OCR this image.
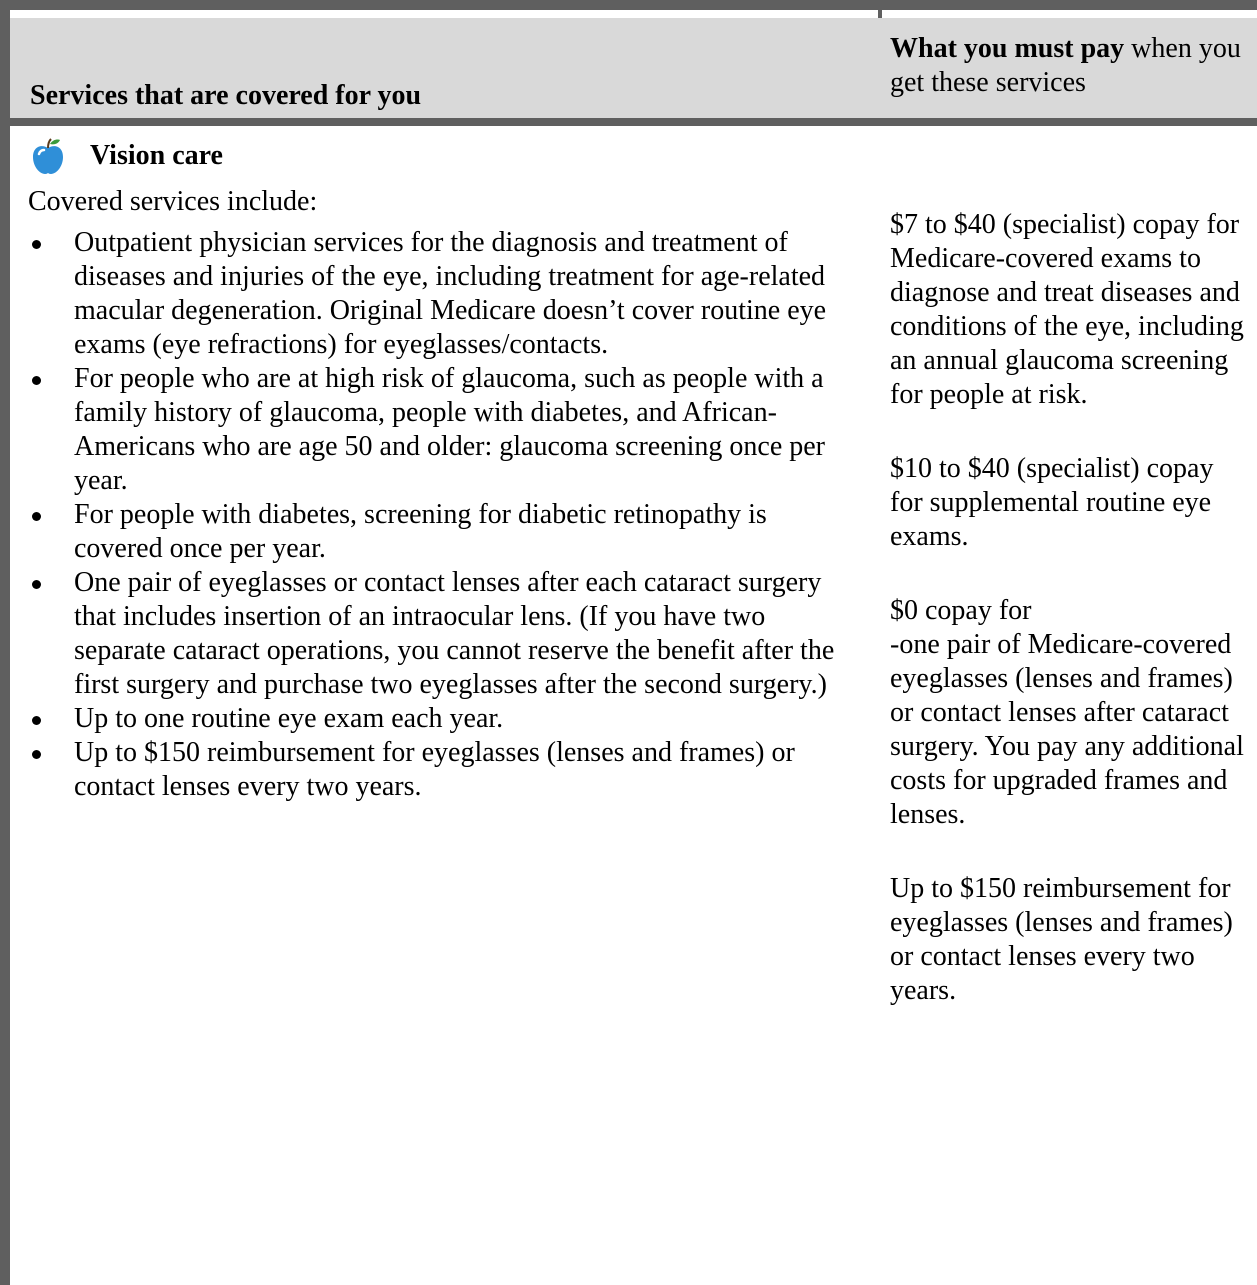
Services that are covered for you
What you must pay when you get these services
Vision care
Covered services include:
Outpatient physician services for the diagnosis and treatment of diseases and injuries of the eye, including treatment for age-related macular degeneration. Original Medicare doesn’t cover routine eye exams (eye refractions) for eyeglasses/contacts.
For people who are at high risk of glaucoma, such as people with a family history of glaucoma, people with diabetes, and African-Americans who are age 50 and older: glaucoma screening once per year.
For people with diabetes, screening for diabetic retinopathy is covered once per year.
One pair of eyeglasses or contact lenses after each cataract surgery that includes insertion of an intraocular lens. (If you have two separate cataract operations, you cannot reserve the benefit after the first surgery and purchase two eyeglasses after the second surgery.)
Up to one routine eye exam each year.
Up to $150 reimbursement for eyeglasses (lenses and frames) or contact lenses every two years.
$7 to $40 (specialist) copay for Medicare-covered exams to diagnose and treat diseases and conditions of the eye, including an annual glaucoma screening for people at risk.
$10 to $40 (specialist) copay for supplemental routine eye exams.
$0 copay for
-one pair of Medicare-covered eyeglasses (lenses and frames) or contact lenses after cataract surgery. You pay any additional costs for upgraded frames and lenses.
Up to $150 reimbursement for eyeglasses (lenses and frames) or contact lenses every two years.
